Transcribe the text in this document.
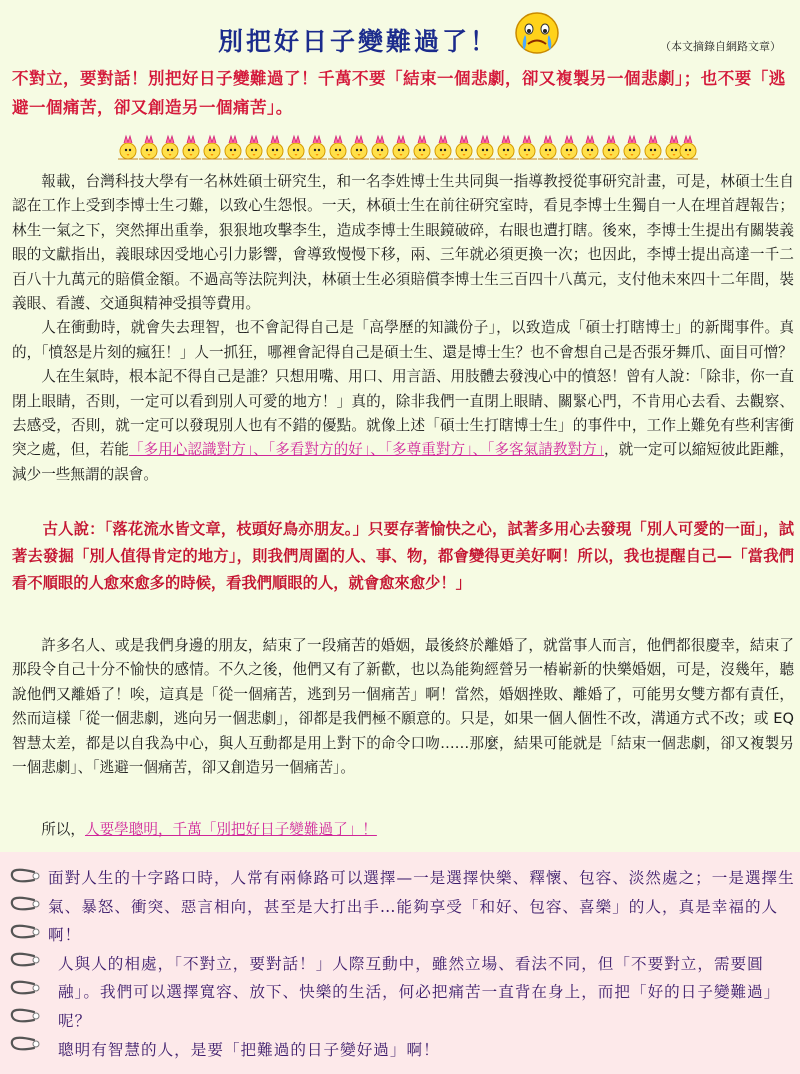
別把好日子變難過了！	（本文摘錄自網路文章）
不對立，要對話！別把好日子變難過了！千萬不要「結束一個悲劇，卻又複製另一個悲劇」；也不要「逃避一個痛苦，卻又創造另一個痛苦」。

報載，台灣科技大學有一名林姓碩士研究生，和一名李姓博士生共同與一指導教授從事研究計畫，可是，林碩士生自認在工作上受到李博士生刁難，以致心生怨恨。一天，林碩士生在前往研究室時，看見李博士生獨自一人在埋首趕報告；林生一氣之下，突然揮出重拳，狠狠地攻擊李生，造成李博士生眼鏡破碎，右眼也遭打瞎。後來，李博士生提出有關裝義眼的文獻指出，義眼球因受地心引力影響，會導致慢慢下移，兩、三年就必須更換一次；也因此，李博士提出高達一千二百八十九萬元的賠償金額。不過高等法院判決，林碩士生必須賠償李博士生三百四十八萬元，支付他未來四十二年間，裝義眼、看護、交通與精神受損等費用。

人在衝動時，就會失去理智，也不會記得自己是「高學歷的知識份子」，以致造成「碩士打瞎博士」的新聞事件。真的，「憤怒是片刻的瘋狂！」人一抓狂，哪裡會記得自己是碩士生、還是博士生？也不會想自己是否張牙舞爪、面目可憎？

人在生氣時，根本記不得自己是誰？只想用嘴、用口、用言語、用肢體去發洩心中的憤怒！曾有人說：「除非，你一直閉上眼睛，否則，一定可以看到別人可愛的地方！」真的，除非我們一直閉上眼睛、關緊心門，不肯用心去看、去觀察、去感受，否則，就一定可以發現別人也有不錯的優點。就像上述「碩士生打瞎博士生」的事件中，工作上難免有些利害衝突之處，但，若能「多用心認識對方」、「多看對方的好」、「多尊重對方」、「多客氣請教對方」，就一定可以縮短彼此距離，減少一些無謂的誤會。

古人說：「落花流水皆文章，枝頭好鳥亦朋友。」只要存著愉快之心，試著多用心去發現「別人可愛的一面」，試著去發掘「別人值得肯定的地方」，則我們周圍的人、事、物，都會變得更美好啊！所以，我也提醒自己—「當我們看不順眼的人愈來愈多的時候，看我們順眼的人，就會愈來愈少！」

許多名人、或是我們身邊的朋友，結束了一段痛苦的婚姻，最後終於離婚了，就當事人而言，他們都很慶幸，結束了那段令自己十分不愉快的感情。不久之後，他們又有了新歡，也以為能夠經營另一樁嶄新的快樂婚姻，可是，沒幾年，聽說他們又離婚了！唉，這真是「從一個痛苦，逃到另一個痛苦」啊！當然，婚姻挫敗、離婚了，可能男女雙方都有責任，然而這樣「從一個悲劇，逃向另一個悲劇」，卻都是我們極不願意的。只是，如果一個人個性不改，溝通方式不改；或 EQ 智慧太差，都是以自我為中心，與人互動都是用上對下的命令口吻……那麼，結果可能就是「結束一個悲劇，卻又複製另一個悲劇」、「逃避一個痛苦，卻又創造另一個痛苦」。

所以，人要學聰明，千萬「別把好日子變難過了」！

面對人生的十字路口時，人常有兩條路可以選擇—一是選擇快樂、釋懷、包容、淡然處之；一是選擇生氣、暴怒、衝突、惡言相向，甚至是大打出手…能夠享受「和好、包容、喜樂」的人，真是幸福的人啊！

人與人的相處，「不對立，要對話！」人際互動中，雖然立場、看法不同，但「不要對立，需要圓融」。我們可以選擇寬容、放下、快樂的生活，何必把痛苦一直背在身上，而把「好的日子變難過」呢？

聰明有智慧的人，是要「把難過的日子變好過」啊！
